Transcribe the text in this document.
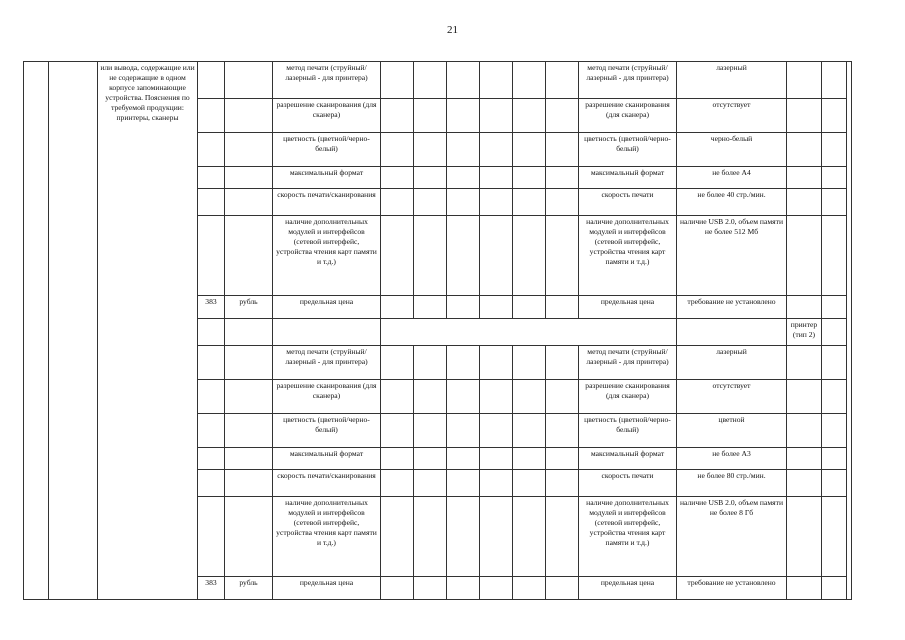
21
		или вывода, содержащие или не содержащие в одном корпусе запоминающие устройства. Пояснения по требуемой продукции: принтеры, сканеры			метод печати (струйный/лазерный - для принтера)							метод печати (струйный/лазерный - для принтера)	лазерный			
					разрешение сканирования (для сканера)							разрешение сканирования (для сканера)	отсутствует			
					цветность (цветной/черно-белый)							цветность (цветной/черно-белый)	черно-белый			
					максимальный формат							максимальный формат	не более А4			
					скорость печати/сканирования							скорость печати	не более 40 стр./мин.			
					наличие дополнительных модулей и интерфейсов (сетевой интерфейс, устройства чтения карт памяти и т.д.)							наличие дополнительных модулей и интерфейсов (сетевой интерфейс, устройства чтения карт памяти и т.д.)	наличие USB 2.0, объем памяти не более 512 Мб			
			383	рубль	предельная цена							предельная цена	требование не установлено			
														принтер (тип 2)		
					метод печати (струйный/лазерный - для принтера)							метод печати (струйный/лазерный - для принтера)	лазерный			
					разрешение сканирования (для сканера)							разрешение сканирования (для сканера)	отсутствует			
					цветность (цветной/черно-белый)							цветность (цветной/черно-белый)	цветной			
					максимальный формат							максимальный формат	не более А3			
					скорость печати/сканирования							скорость печати	не более 80 стр./мин.			
					наличие дополнительных модулей и интерфейсов (сетевой интерфейс, устройства чтения карт памяти и т.д.)							наличие дополнительных модулей и интерфейсов (сетевой интерфейс, устройства чтения карт памяти и т.д.)	наличие USB 2.0, объем памяти не более 8 Гб			
			383	рубль	предельная цена							предельная цена	требование не установлено			
